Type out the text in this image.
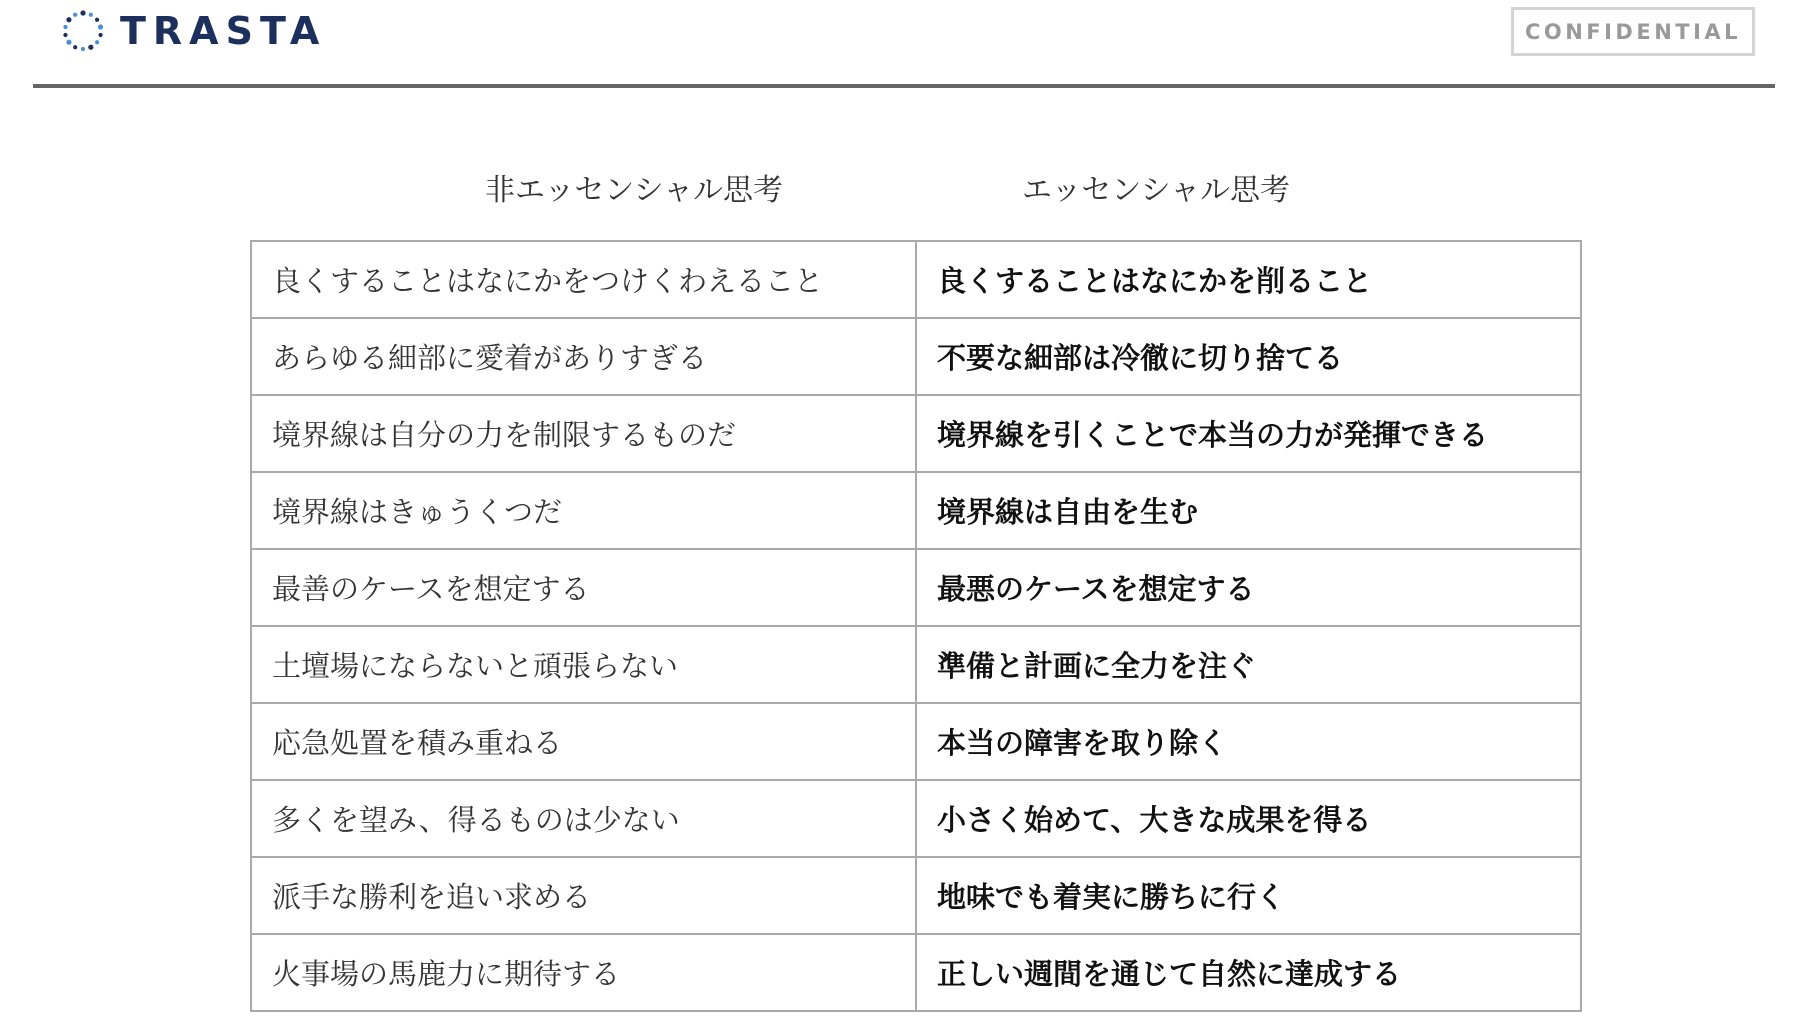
TRASTA	CONFIDENTIAL
非エッセンシャル思考	エッセンシャル思考
良くすることはなにかをつけくわえること	良くすることはなにかを削ること
あらゆる細部に愛着がありすぎる	不要な細部は冷徹に切り捨てる
境界線は自分の力を制限するものだ	境界線を引くことで本当の力が発揮できる
境界線はきゅうくつだ	境界線は自由を生む
最善のケースを想定する	最悪のケースを想定する
土壇場にならないと頑張らない	準備と計画に全力を注ぐ
応急処置を積み重ねる	本当の障害を取り除く
多くを望み、得るものは少ない	小さく始めて、大きな成果を得る
派手な勝利を追い求める	地味でも着実に勝ちに行く
火事場の馬鹿力に期待する	正しい週間を通じて自然に達成する
